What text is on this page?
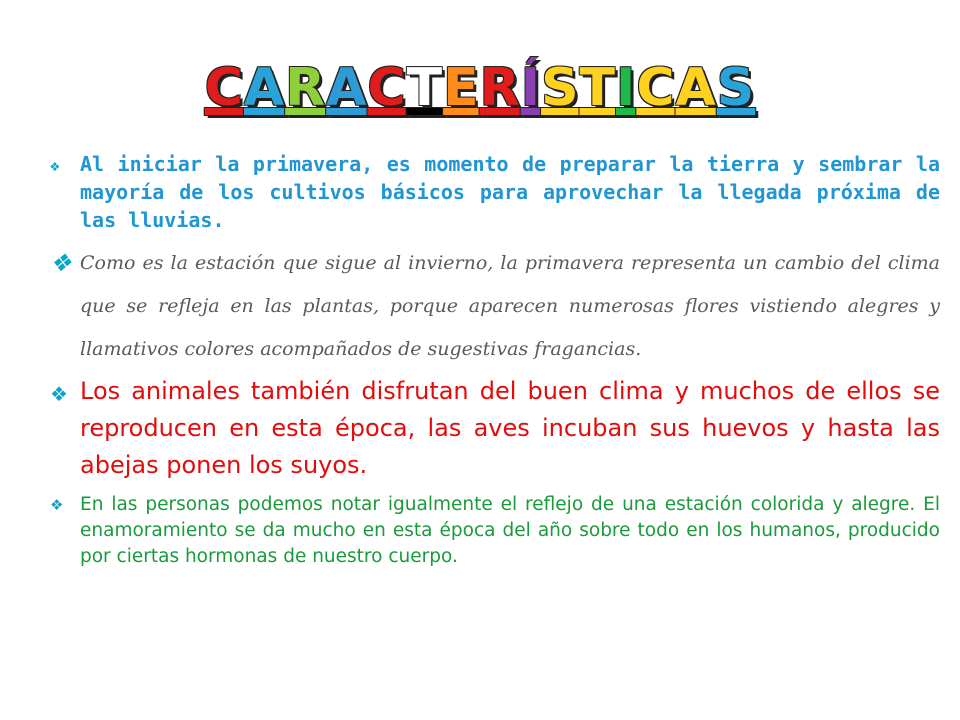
CARACTERÍSTICAS
❖ Al iniciar la primavera, es momento de preparar la tierra y sembrar la mayoría de los cultivos básicos para aprovechar la llegada próxima de las lluvias.
❖ Como es la estación que sigue al invierno, la primavera representa un cambio del clima que se refleja en las plantas, porque aparecen numerosas flores vistiendo alegres y llamativos colores acompañados de sugestivas fragancias.
❖ Los animales también disfrutan del buen clima y muchos de ellos se reproducen en esta época, las aves incuban sus huevos y hasta las abejas ponen los suyos.
❖ En las personas podemos notar igualmente el reflejo de una estación colorida y alegre. El enamoramiento se da mucho en esta época del año sobre todo en los humanos, producido por ciertas hormonas de nuestro cuerpo.
